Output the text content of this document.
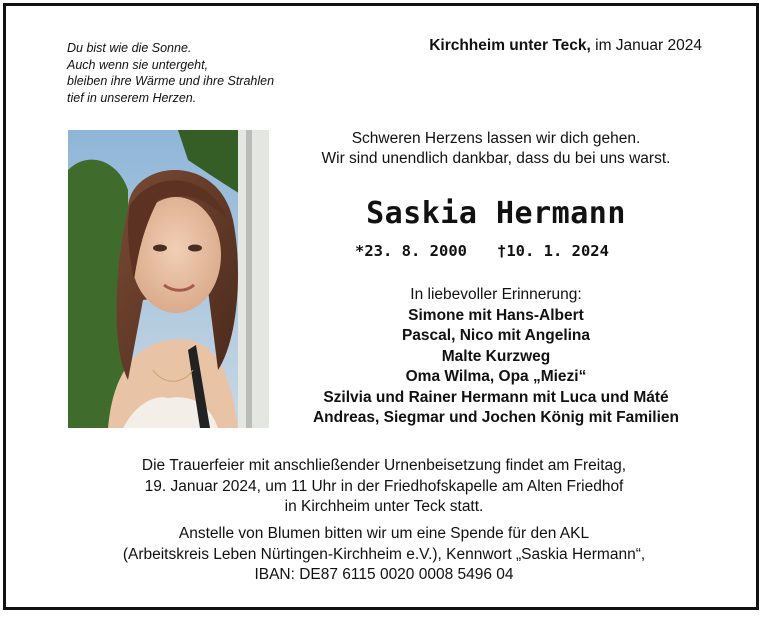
Du bist wie die Sonne.
Auch wenn sie untergeht,
bleiben ihre Wärme und ihre Strahlen
tief in unserem Herzen.
Kirchheim unter Teck, im Januar 2024
Schweren Herzens lassen wir dich gehen.
Wir sind unendlich dankbar, dass du bei uns warst.
Saskia Hermann
*23. 8. 2000 †10. 1. 2024
In liebevoller Erinnerung:
Simone mit Hans-Albert
Pascal, Nico mit Angelina
Malte Kurzweg
Oma Wilma, Opa „Miezi“
Szilvia und Rainer Hermann mit Luca und Máté
Andreas, Siegmar und Jochen König mit Familien
Die Trauerfeier mit anschließender Urnenbeisetzung findet am Freitag,
19. Januar 2024, um 11 Uhr in der Friedhofskapelle am Alten Friedhof
in Kirchheim unter Teck statt.
Anstelle von Blumen bitten wir um eine Spende für den AKL
(Arbeitskreis Leben Nürtingen-Kirchheim e.V.), Kennwort „Saskia Hermann“,
IBAN: DE87 6115 0020 0008 5496 04
